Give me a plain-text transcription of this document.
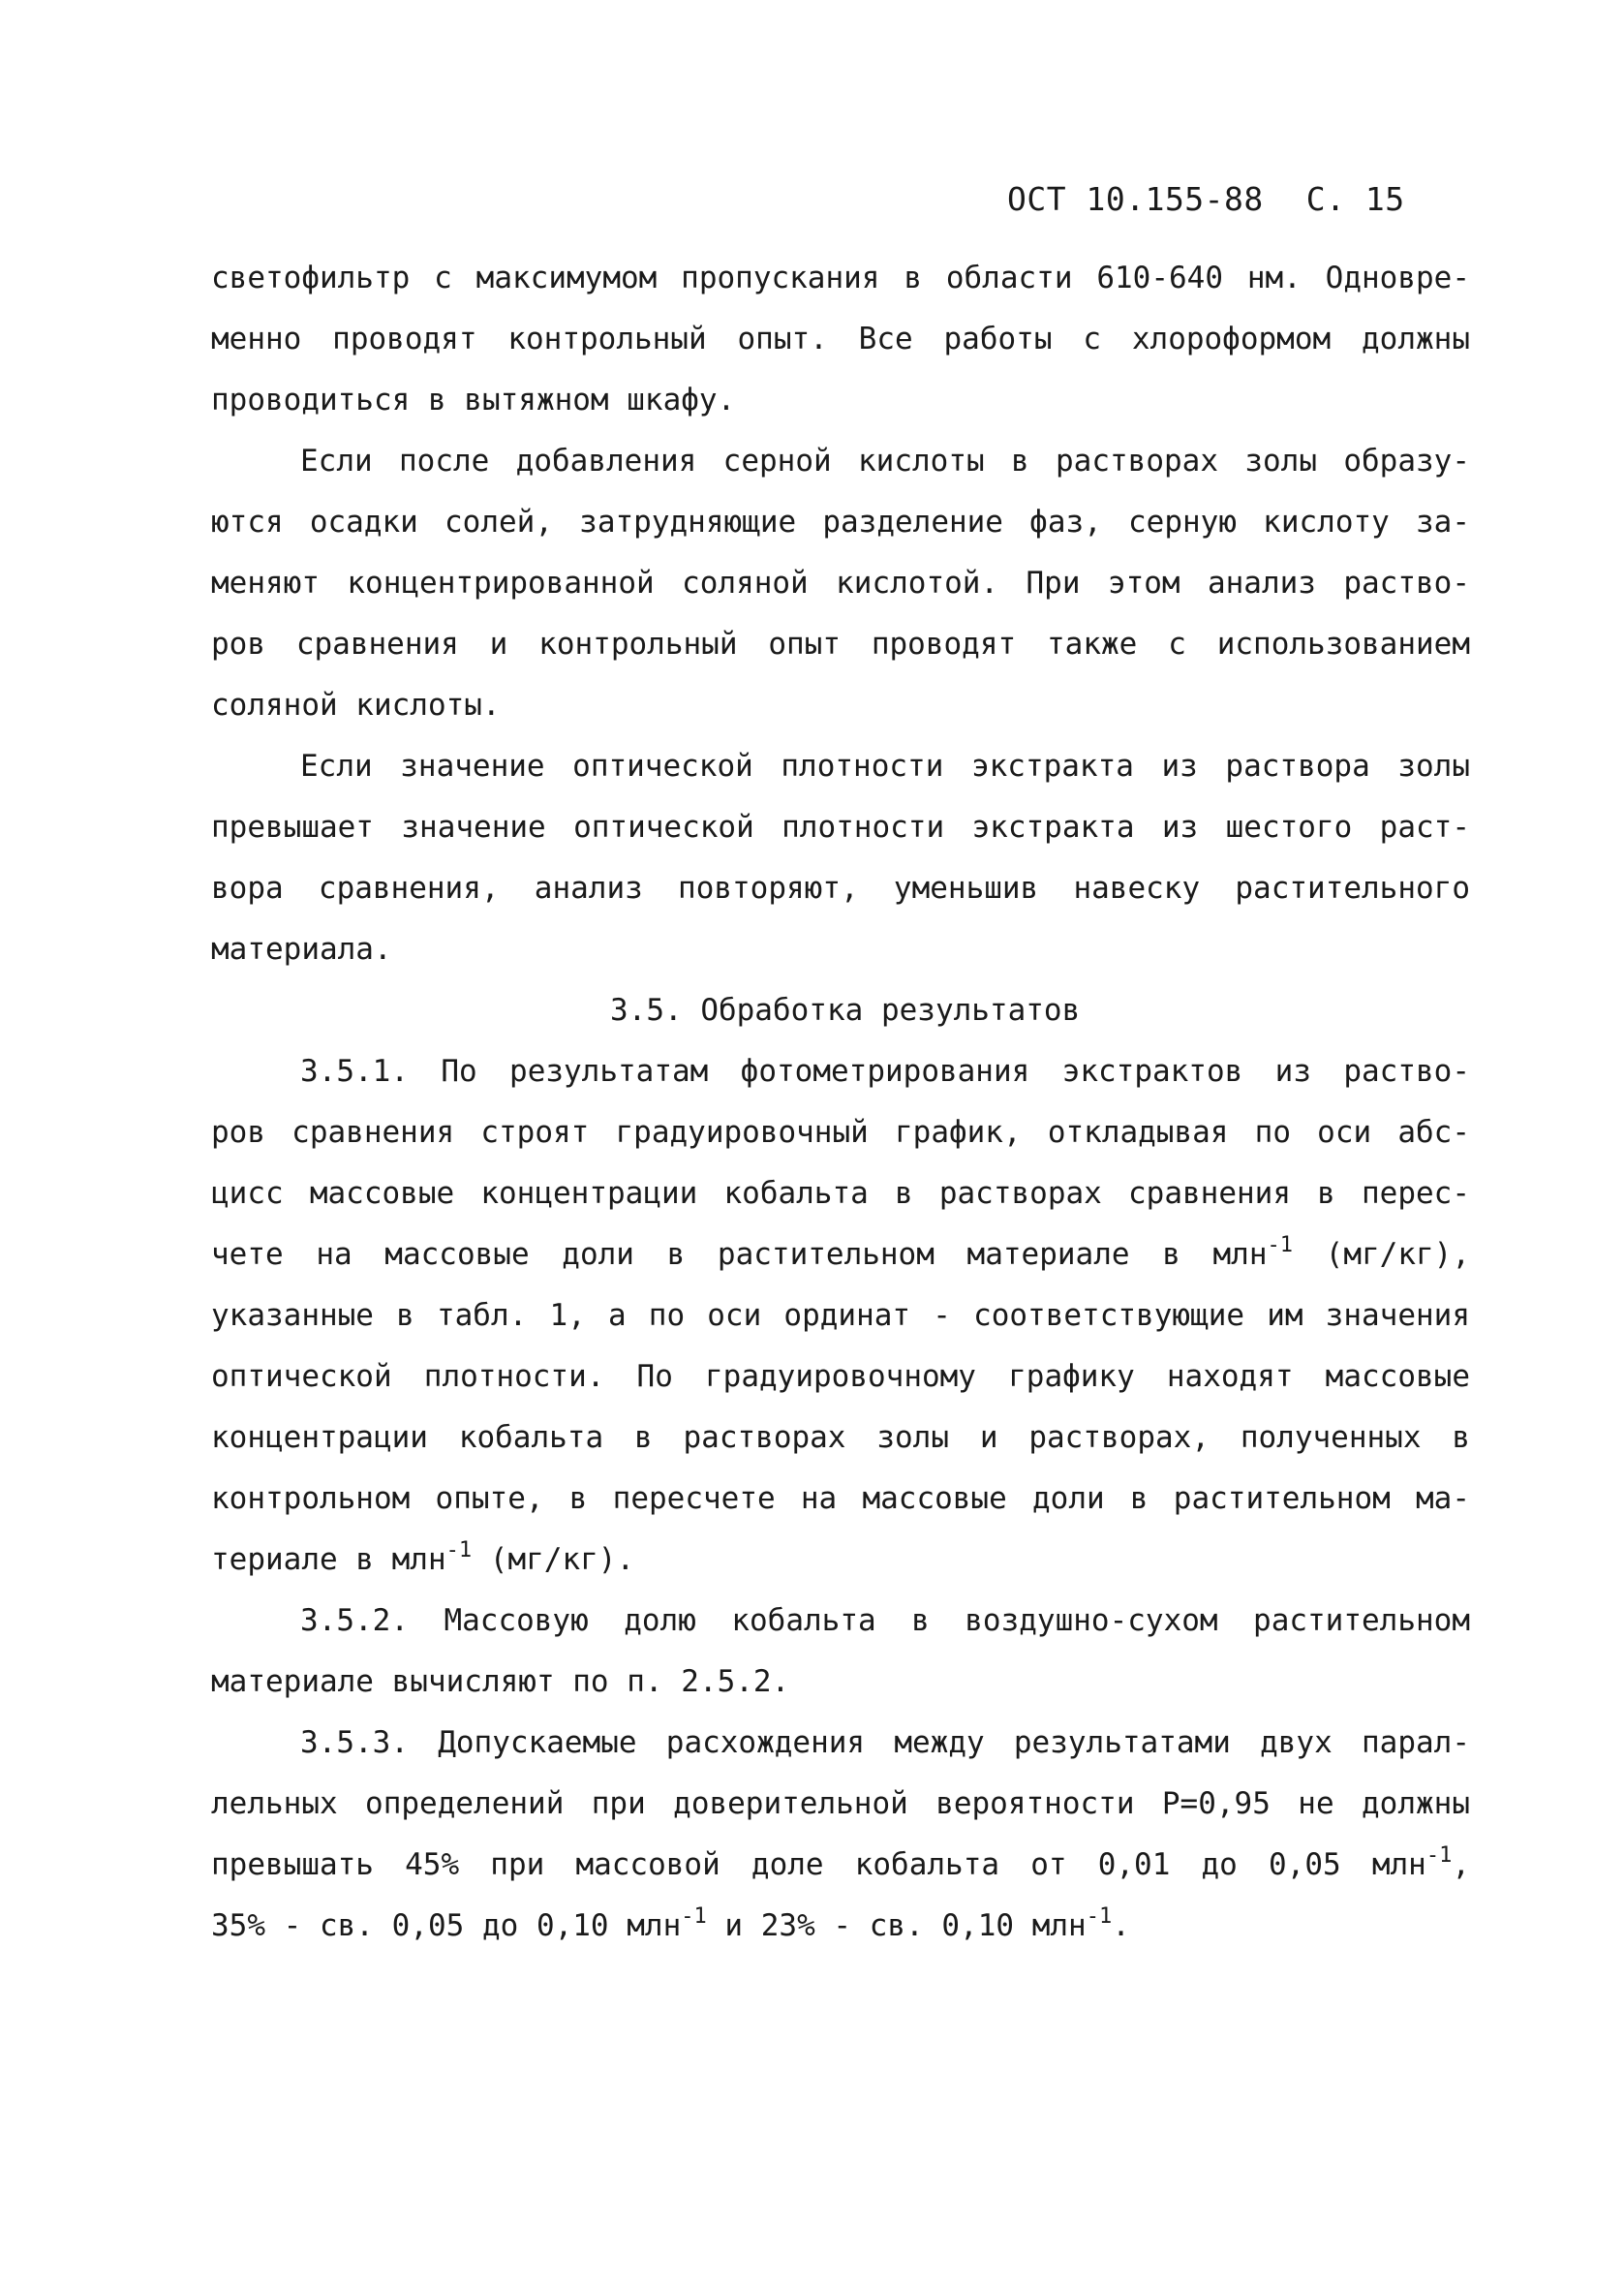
ОСТ 10.155-88 С. 15
светофильтр с максимумом пропускания в области 610-640 нм. Одновре-
менно проводят контрольный опыт. Все работы с хлороформом должны
проводиться в вытяжном шкафу.
Если после добавления серной кислоты в растворах золы образу-
ются осадки солей, затрудняющие разделение фаз, серную кислоту за-
меняют концентрированной соляной кислотой. При этом анализ раство-
ров сравнения и контрольный опыт проводят также с использованием
соляной кислоты.
Если значение оптической плотности экстракта из раствора золы
превышает значение оптической плотности экстракта из шестого раст-
вора сравнения, анализ повторяют, уменьшив навеску растительного
материала.
3.5. Обработка результатов
3.5.1. По результатам фотометрирования экстрактов из раство-
ров сравнения строят градуировочный график, откладывая по оси абс-
цисс массовые концентрации кобальта в растворах сравнения в перес-
чете на массовые доли в растительном материале в млн$^{-1}$ (мг/кг),
указанные в табл. 1, а по оси ординат - соответствующие им значения
оптической плотности. По градуировочному графику находят массовые
концентрации кобальта в растворах золы и растворах, полученных в
контрольном опыте, в пересчете на массовые доли в растительном ма-
териале в млн$^{-1}$ (мг/кг).
3.5.2. Массовую долю кобальта в воздушно-сухом растительном
материале вычисляют по п. 2.5.2.
3.5.3. Допускаемые расхождения между результатами двух парал-
лельных определений при доверительной вероятности Р=0,95 не должны
превышать 45% при массовой доле кобальта от 0,01 до 0,05 млн$^{-1}$,
35% - св. 0,05 до 0,10 млн$^{-1}$ и 23% - св. 0,10 млн$^{-1}$.
